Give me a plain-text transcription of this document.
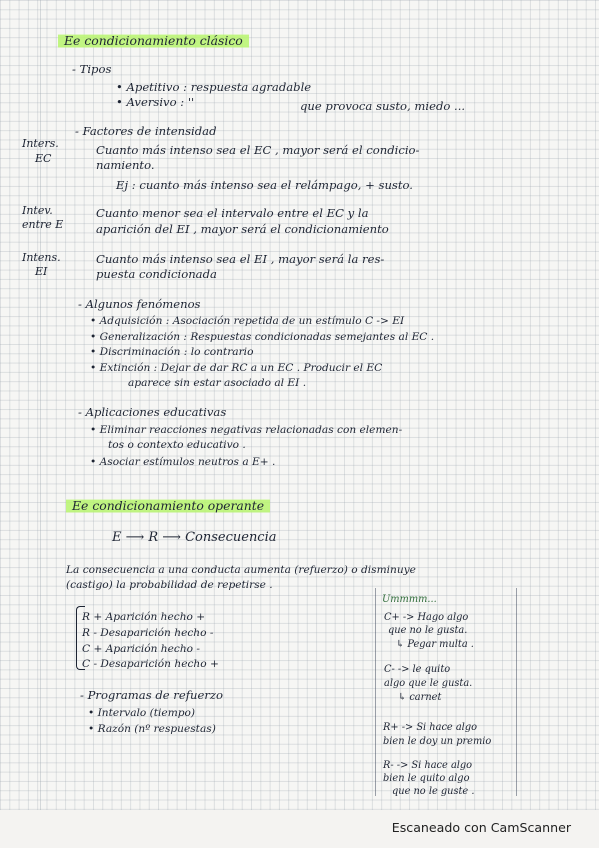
Ee condicionamiento clásico
- Tipos
• Apetitivo : respuesta agradable
• Aversivo : ''	que provoca susto, miedo ...
- Factores de intensidad
Inters.
EC
Cuanto más intenso sea el EC , mayor será el condicio-
namiento.
Ej : cuanto más intenso sea el relámpago, + susto.
Intev.
entre E
Cuanto menor sea el intervalo entre el EC y la
aparición del EI , mayor será el condicionamiento
Intens.
EI
Cuanto más intenso sea el EI , mayor será la res-
puesta condicionada
- Algunos fenómenos
• Adquisición : Asociación repetida de un estímulo C -> EI
• Generalización : Respuestas condicionadas semejantes al EC .
• Discriminación : lo contrario
• Extinción : Dejar de dar RC a un EC . Producir el EC
aparece sin estar asociado al EI .
- Aplicaciones educativas
• Eliminar reacciones negativas relacionadas con elemen-
tos o contexto educativo .
• Asociar estímulos neutros a E+ .
Ee condicionamiento operante
E ⟶ R ⟶ Consecuencia
La consecuencia a una conducta aumenta (refuerzo) o disminuye
(castigo) la probabilidad de repetirse .
R + Aparición hecho +
R - Desaparición hecho -
C + Aparición hecho -
C - Desaparición hecho +
- Programas de refuerzo
• Intervalo (tiempo)
• Razón (nº respuestas)
Ummmm...
C+ -> Hago algo
que no le gusta.
↳ Pegar multa .
C- -> le quito
algo que le gusta.
↳ carnet
R+ -> Si hace algo
bien le doy un premio
R- -> Si hace algo
bien le quito algo
que no le guste .
Escaneado con CamScanner
